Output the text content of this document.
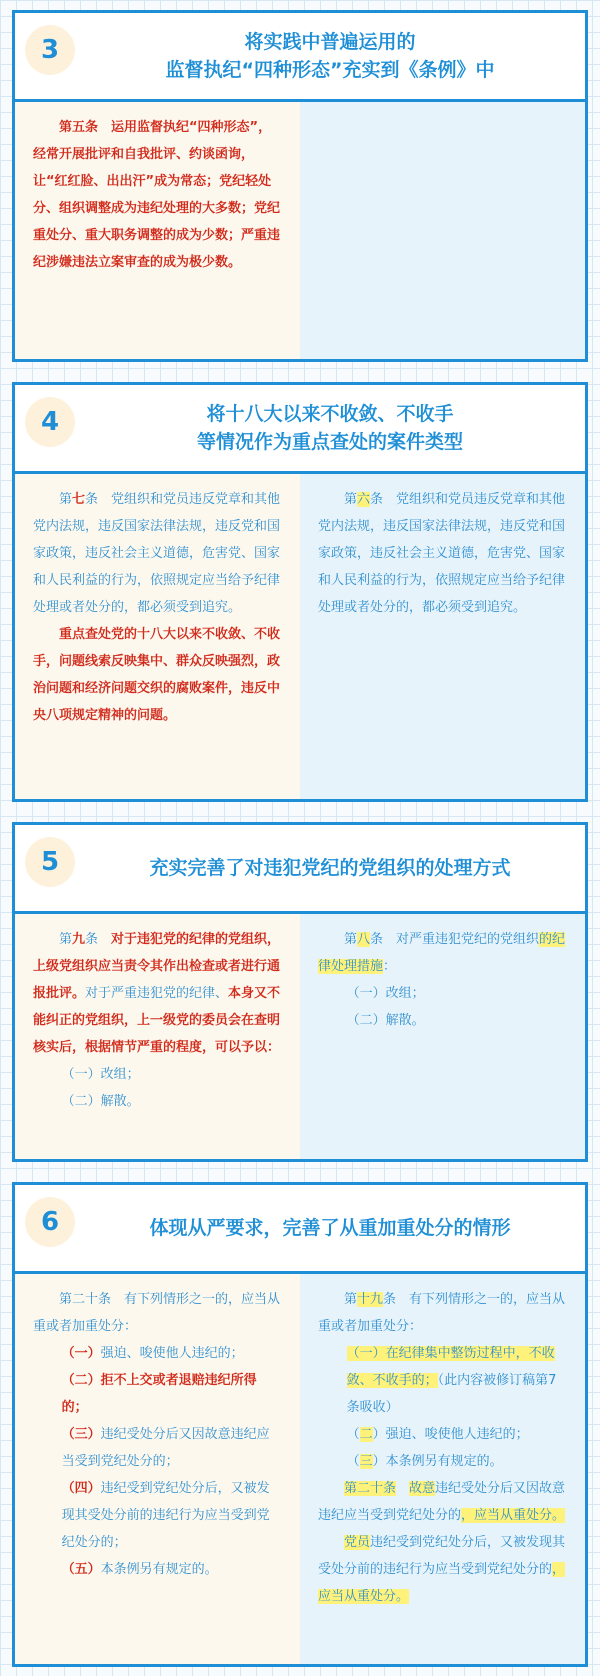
3	将实践中普遍运用的
监督执纪“四种形态”充实到《条例》中

第五条　运用监督执纪“四种形态”，经常开展批评和自我批评、约谈函询，让“红红脸、出出汗”成为常态；党纪轻处分、组织调整成为违纪处理的大多数；党纪重处分、重大职务调整的成为少数；严重违纪涉嫌违法立案审查的成为极少数。

4	将十八大以来不收敛、不收手
等情况作为重点查处的案件类型

第七条　党组织和党员违反党章和其他党内法规，违反国家法律法规，违反党和国家政策，违反社会主义道德，危害党、国家和人民利益的行为，依照规定应当给予纪律处理或者处分的，都必须受到追究。

重点查处党的十八大以来不收敛、不收手，问题线索反映集中、群众反映强烈，政治问题和经济问题交织的腐败案件，违反中央八项规定精神的问题。

第六条　党组织和党员违反党章和其他党内法规，违反国家法律法规，违反党和国家政策，违反社会主义道德，危害党、国家和人民利益的行为，依照规定应当给予纪律处理或者处分的，都必须受到追究。

5	充实完善了对违犯党纪的党组织的处理方式

第九条　对于违犯党的纪律的党组织，上级党组织应当责令其作出检查或者进行通报批评。对于严重违犯党的纪律、本身又不能纠正的党组织，上一级党的委员会在查明核实后，根据情节严重的程度，可以予以：

（一）改组；

（二）解散。

第八条　对严重违犯党纪的党组织的纪律处理措施：

（一）改组；

（二）解散。

6	体现从严要求，完善了从重加重处分的情形

第二十条　有下列情形之一的，应当从重或者加重处分：

（一）强迫、唆使他人违纪的；

（二）拒不上交或者退赔违纪所得的；

（三）违纪受处分后又因故意违纪应当受到党纪处分的；

（四）违纪受到党纪处分后，又被发现其受处分前的违纪行为应当受到党纪处分的；

（五）本条例另有规定的。

第十九条　有下列情形之一的，应当从重或者加重处分：

（一）在纪律集中整饬过程中，不收敛、不收手的；（此内容被修订稿第7条吸收）

（二）强迫、唆使他人违纪的；

（三）本条例另有规定的。

第二十条　 故意违纪受处分后又因故意违纪应当受到党纪处分的，应当从重处分。

党员违纪受到党纪处分后，又被发现其受处分前的违纪行为应当受到党纪处分的，应当从重处分。
